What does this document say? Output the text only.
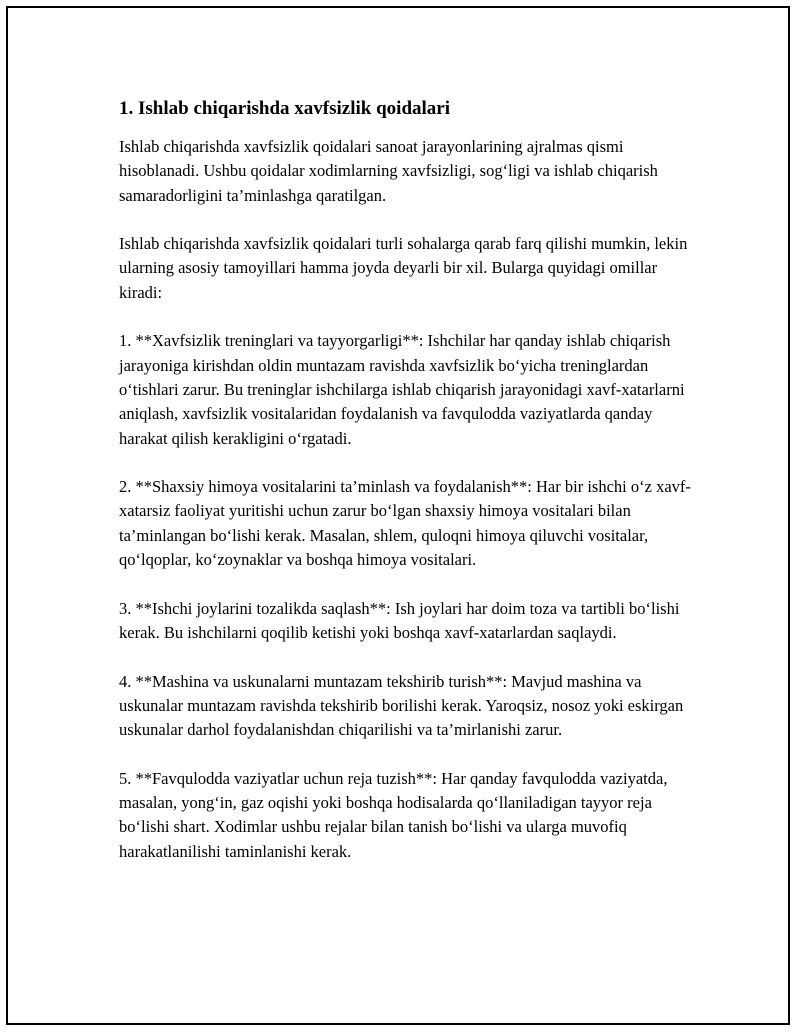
1. Ishlab chiqarishda xavfsizlik qoidalari

Ishlab chiqarishda xavfsizlik qoidalari sanoat jarayonlarining ajralmas qismi hisoblanadi. Ushbu qoidalar xodimlarning xavfsizligi, sog‘ligi va ishlab chiqarish samaradorligini ta’minlashga qaratilgan.

Ishlab chiqarishda xavfsizlik qoidalari turli sohalarga qarab farq qilishi mumkin, lekin ularning asosiy tamoyillari hamma joyda deyarli bir xil. Bularga quyidagi omillar kiradi:

1. **Xavfsizlik treninglari va tayyorgarligi**: Ishchilar har qanday ishlab chiqarish jarayoniga kirishdan oldin muntazam ravishda xavfsizlik bo‘yicha treninglardan o‘tishlari zarur. Bu treninglar ishchilarga ishlab chiqarish jarayonidagi xavf-xatarlarni aniqlash, xavfsizlik vositalaridan foydalanish va favqulodda vaziyatlarda qanday harakat qilish kerakligini o‘rgatadi.

2. **Shaxsiy himoya vositalarini ta’minlash va foydalanish**: Har bir ishchi o‘z xavf-xatarsiz faoliyat yuritishi uchun zarur bo‘lgan shaxsiy himoya vositalari bilan ta’minlangan bo‘lishi kerak. Masalan, shlem, quloqni himoya qiluvchi vositalar, qo‘lqoplar, ko‘zoynaklar va boshqa himoya vositalari.

3. **Ishchi joylarini tozalikda saqlash**: Ish joylari har doim toza va tartibli bo‘lishi kerak. Bu ishchilarni qoqilib ketishi yoki boshqa xavf-xatarlardan saqlaydi.

4. **Mashina va uskunalarni muntazam tekshirib turish**: Mavjud mashina va uskunalar muntazam ravishda tekshirib borilishi kerak. Yaroqsiz, nosoz yoki eskirgan uskunalar darhol foydalanishdan chiqarilishi va ta’mirlanishi zarur.

5. **Favqulodda vaziyatlar uchun reja tuzish**: Har qanday favqulodda vaziyatda, masalan, yong‘in, gaz oqishi yoki boshqa hodisalarda qo‘llaniladigan tayyor reja bo‘lishi shart. Xodimlar ushbu rejalar bilan tanish bo‘lishi va ularga muvofiq harakatlanilishi taminlanishi kerak.
